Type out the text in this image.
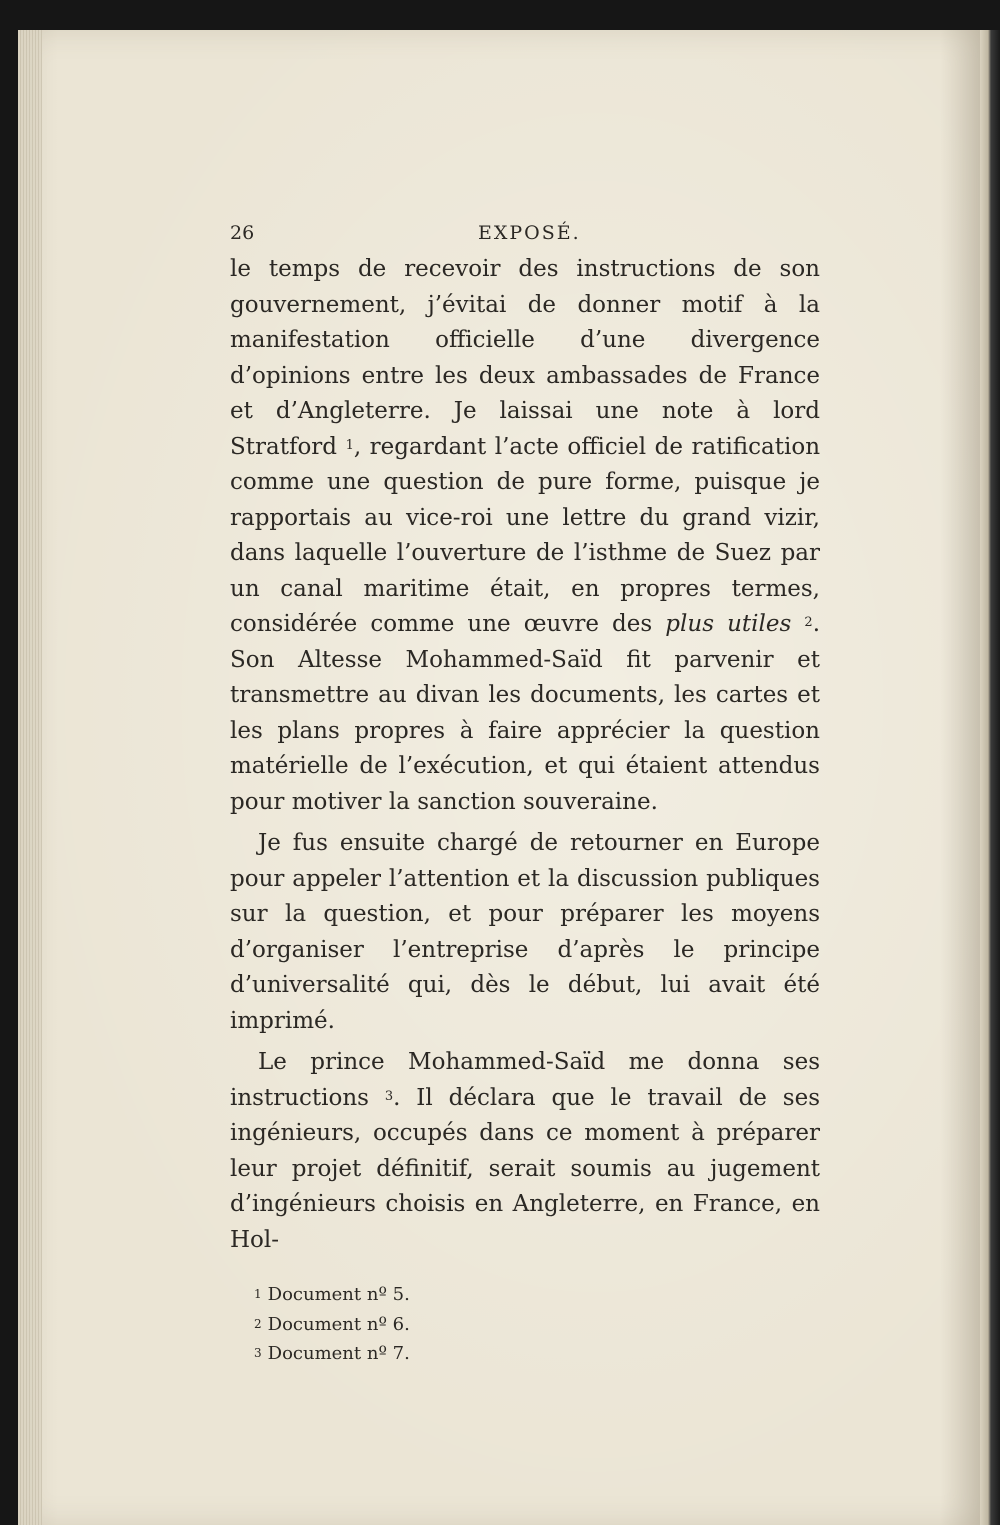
26	EXPOSÉ.

le temps de recevoir des instructions de son gouvernement, j’évitai de donner motif à la manifestation officielle d’une divergence d’opinions entre les deux ambassades de France et d’Angleterre. Je laissai une note à lord Stratford $^1$, regardant l’acte officiel de ratification comme une question de pure forme, puisque je rapportais au vice-roi une lettre du grand vizir, dans laquelle l’ouverture de l’isthme de Suez par un canal maritime était, en propres termes, considérée comme une œuvre des plus utiles $^2$. Son Altesse Mohammed-Saïd fit parvenir et transmettre au divan les documents, les cartes et les plans propres à faire apprécier la question matérielle de l’exécution, et qui étaient attendus pour motiver la sanction souveraine.

Je fus ensuite chargé de retourner en Europe pour appeler l’attention et la discussion publiques sur la question, et pour préparer les moyens d’organiser l’entreprise d’après le principe d’universalité qui, dès le début, lui avait été imprimé.

Le prince Mohammed-Saïd me donna ses instructions $^3$. Il déclara que le travail de ses ingénieurs, occupés dans ce moment à préparer leur projet définitif, serait soumis au jugement d’ingénieurs choisis en Angleterre, en France, en Hol-

$^1$ Document nº 5.
$^2$ Document nº 6.
$^3$ Document nº 7.
